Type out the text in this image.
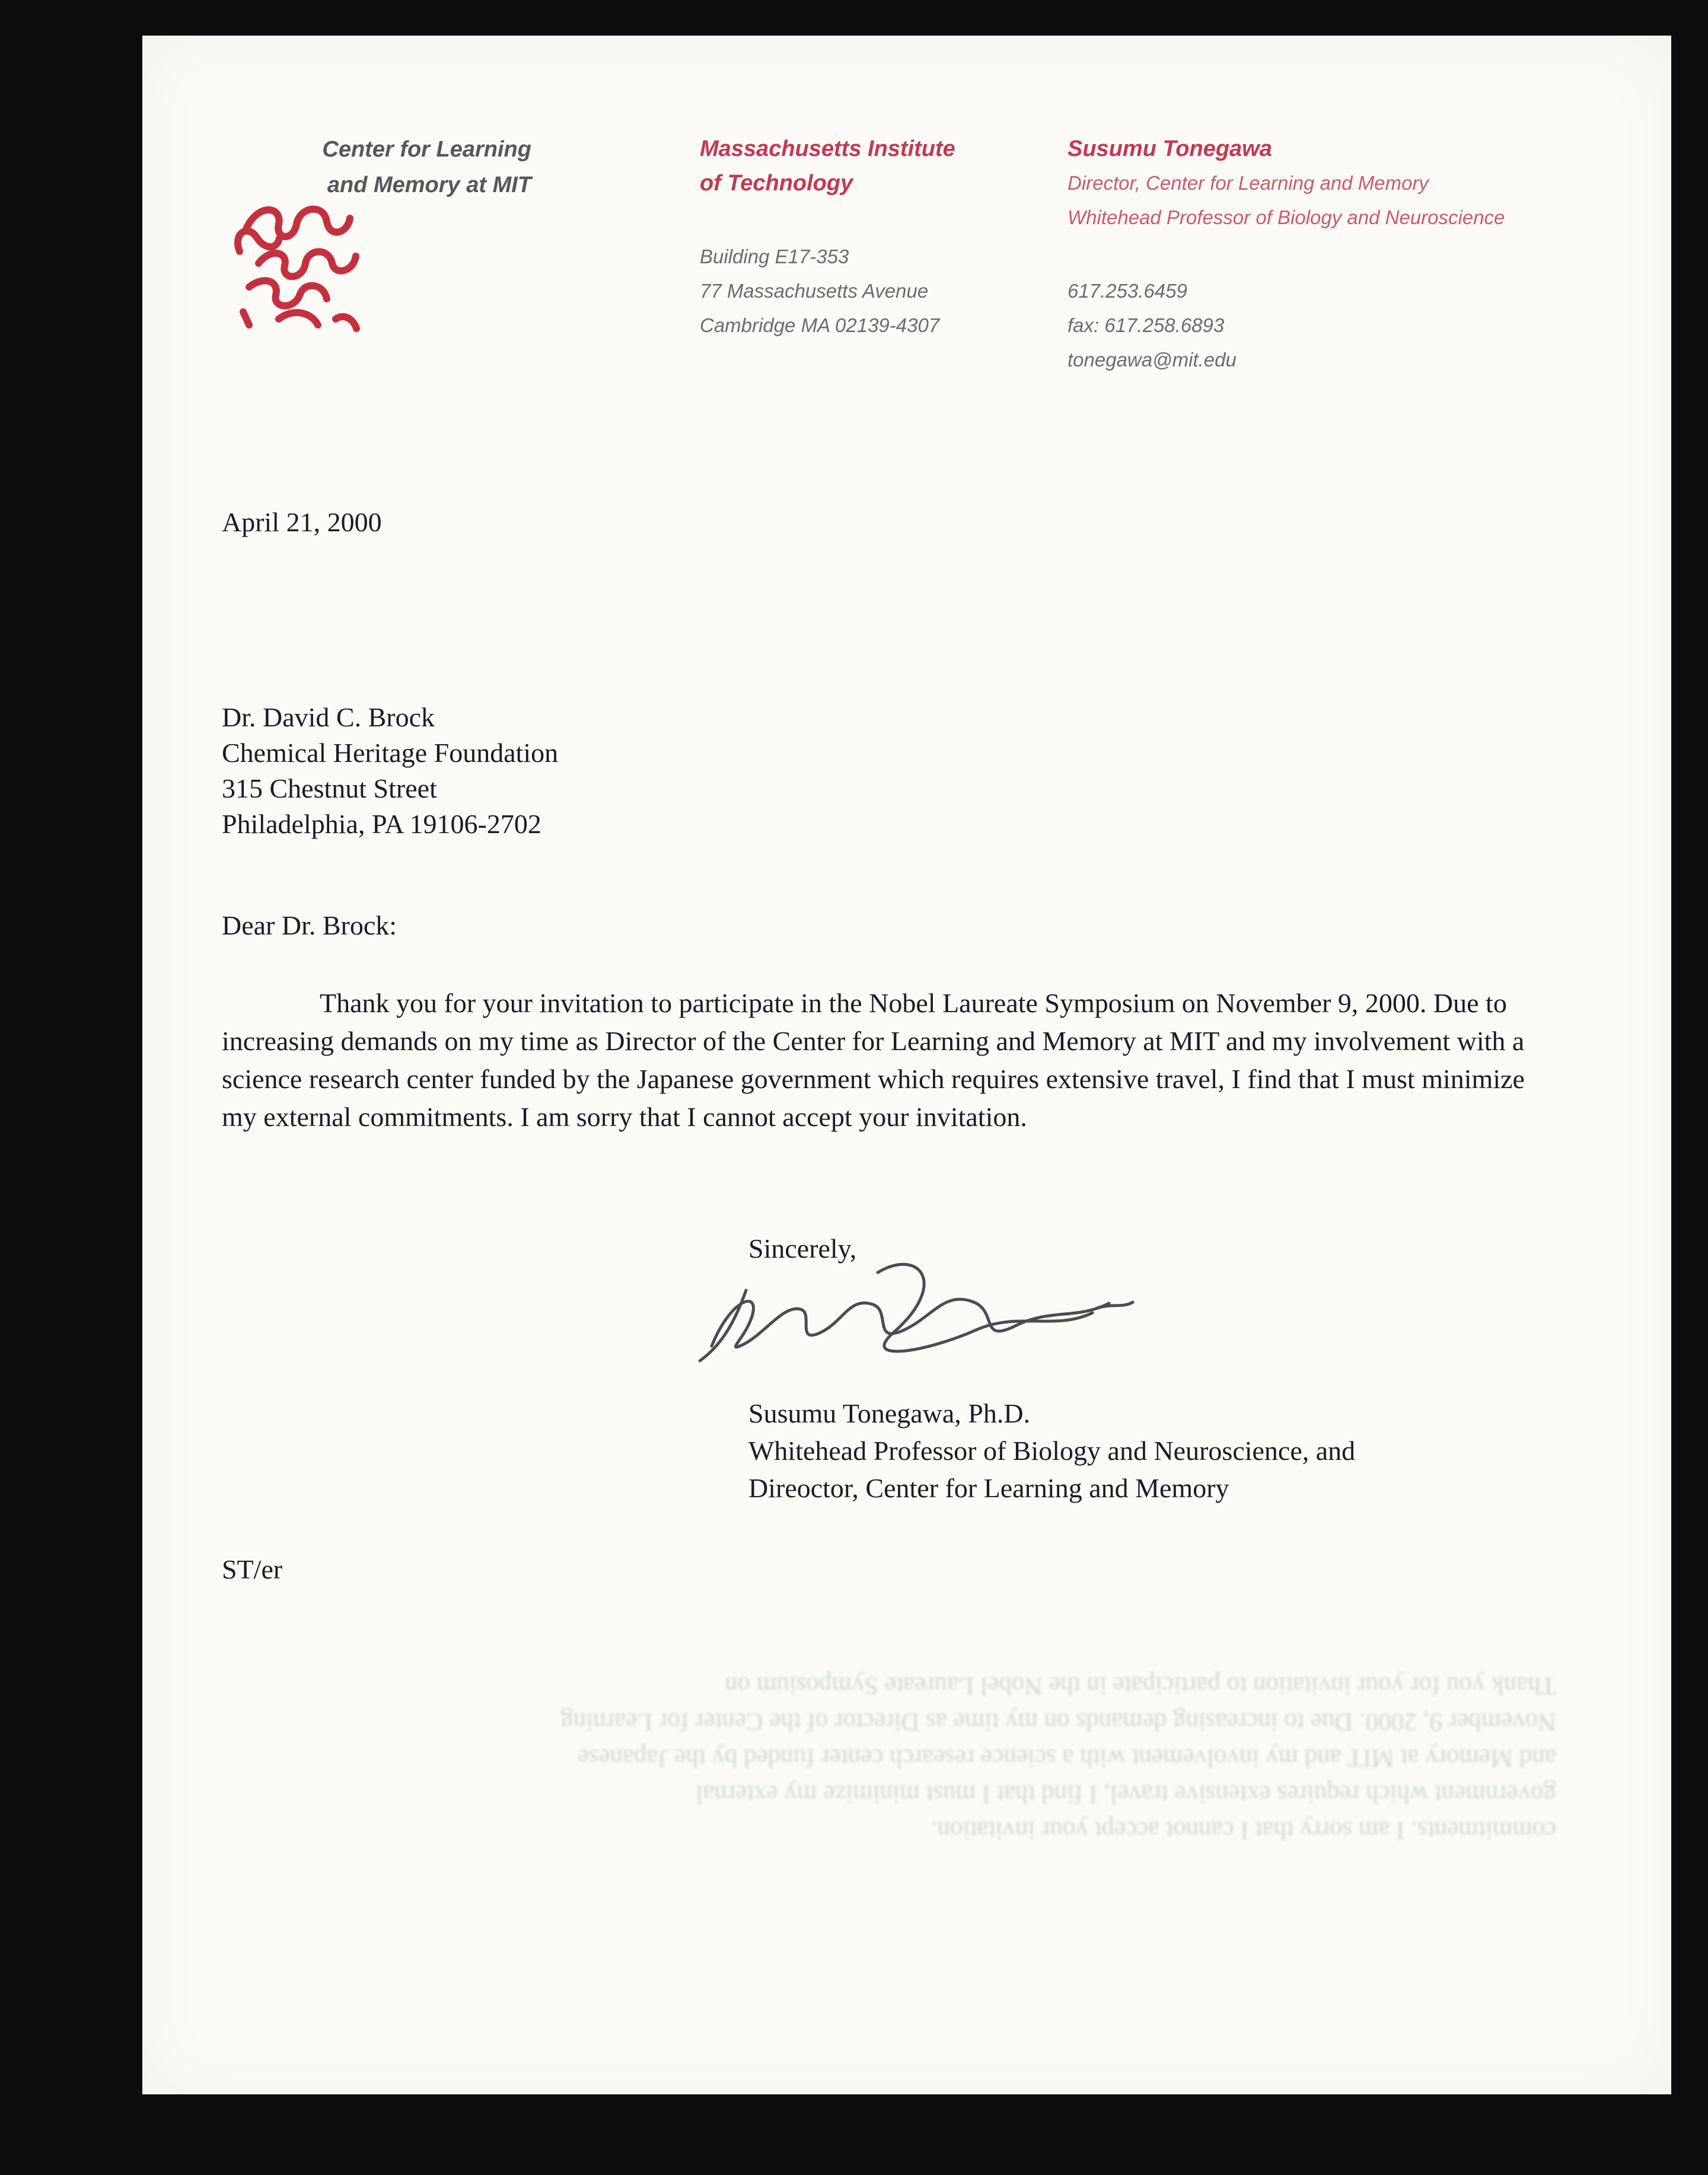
Center for Learning
and Memory at MIT
Massachusetts Institute
of Technology
Building E17-353
77 Massachusetts Avenue
Cambridge MA 02139-4307
Susumu Tonegawa
Director, Center for Learning and Memory
Whitehead Professor of Biology and Neuroscience
617.253.6459
fax: 617.258.6893
tonegawa@mit.edu
April 21, 2000
Dr. David C. Brock
Chemical Heritage Foundation
315 Chestnut Street
Philadelphia, PA 19106-2702
Dear Dr. Brock:

Thank you for your invitation to participate in the Nobel Laureate Symposium on November 9, 2000. Due to increasing demands on my time as Director of the Center for Learning and Memory at MIT and my involvement with a science research center funded by the Japanese government which requires extensive travel, I find that I must minimize my external commitments. I am sorry that I cannot accept your invitation.

Sincerely,
Susumu Tonegawa, Ph.D.
Whitehead Professor of Biology and Neuroscience, and
Direoctor, Center for Learning and Memory
ST/er
commitments. I am sorry that I cannot accept your invitation.
government which requires extensive travel, I find that I must minimize my external
and Memory at MIT and my involvement with a science research center funded by the Japanese
November 9, 2000. Due to increasing demands on my time as Director of the Center for Learning
Thank you for your invitation to participate in the Nobel Laureate Symposium on
